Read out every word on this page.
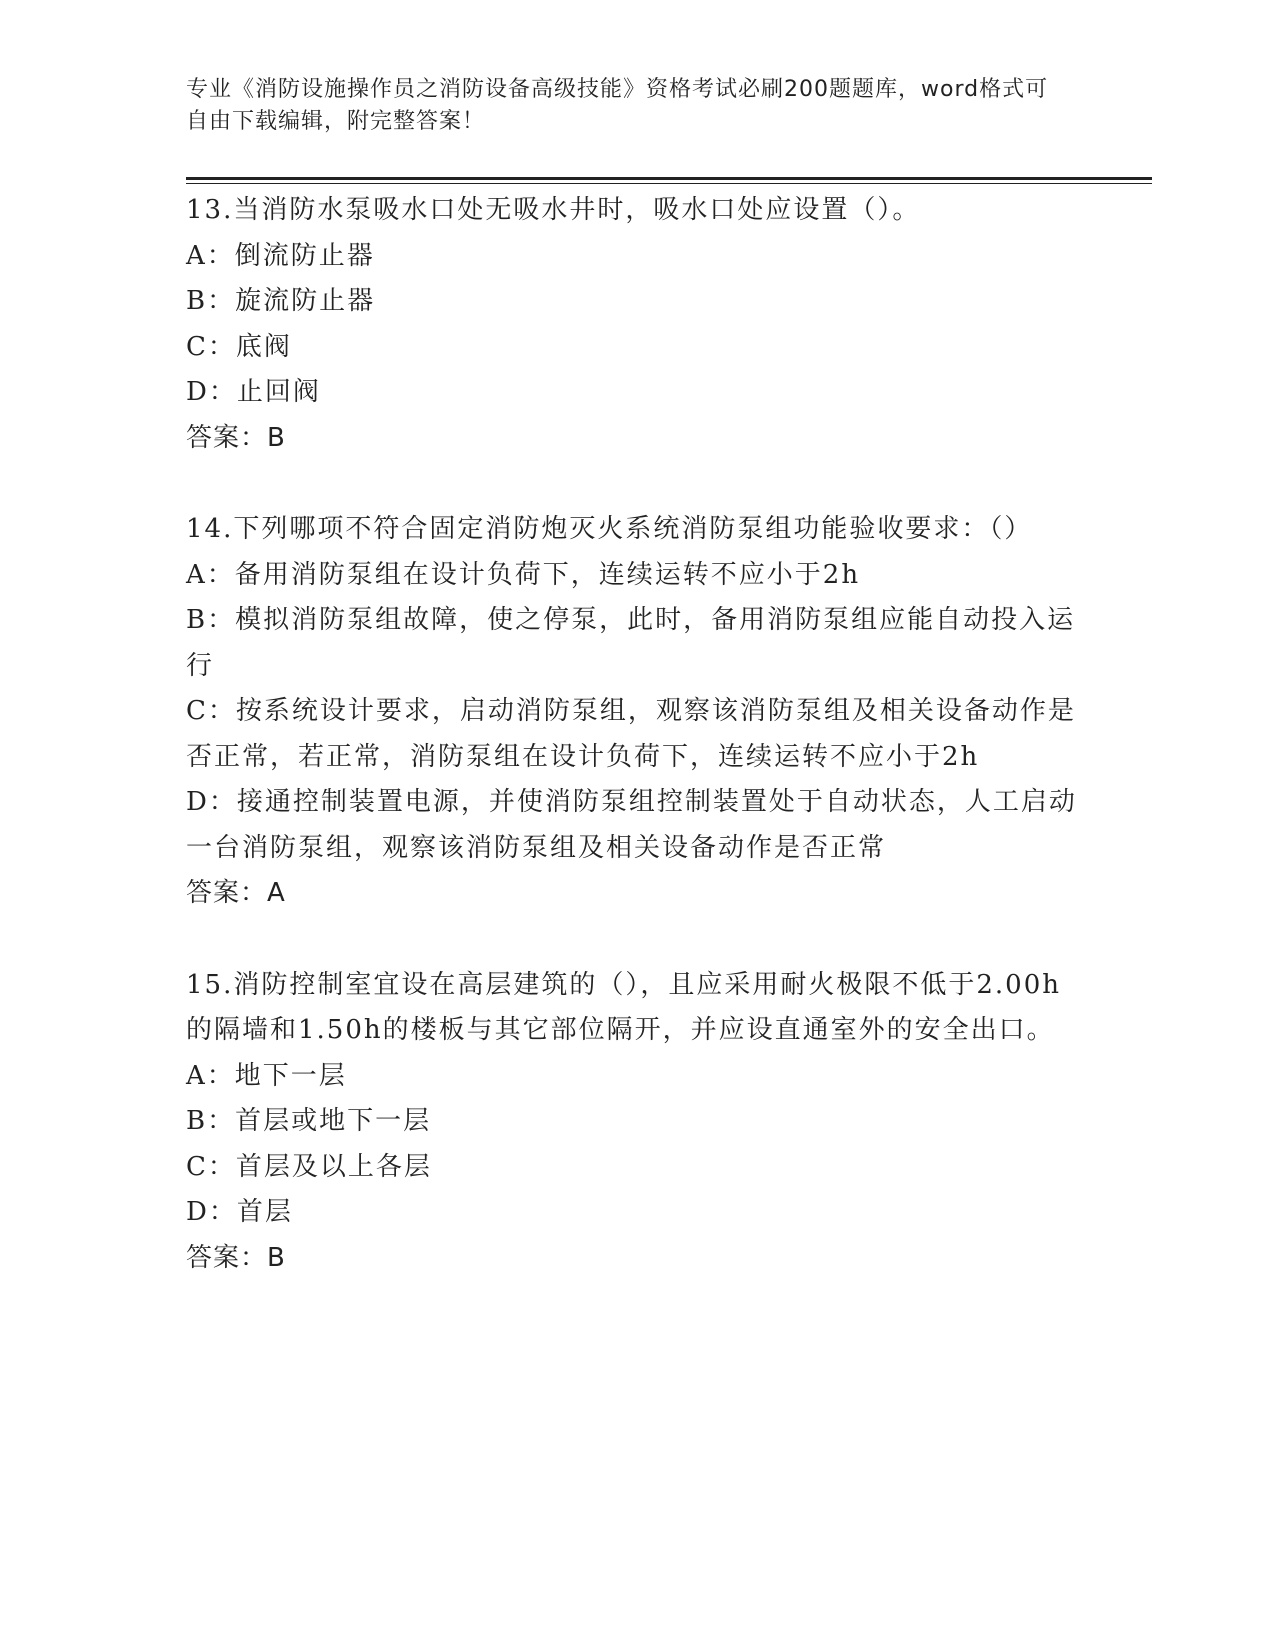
专业《消防设施操作员之消防设备高级技能》资格考试必刷200题题库，word格式可自由下载编辑，附完整答案！

13.当消防水泵吸水口处无吸水井时，吸水口处应设置（）。

A：倒流防止器

B：旋流防止器

C：底阀

D：止回阀

答案：B

14.下列哪项不符合固定消防炮灭火系统消防泵组功能验收要求：（）

A：备用消防泵组在设计负荷下，连续运转不应小于2h

B：模拟消防泵组故障，使之停泵，此时，备用消防泵组应能自动投入运行

C：按系统设计要求，启动消防泵组，观察该消防泵组及相关设备动作是否正常，若正常，消防泵组在设计负荷下，连续运转不应小于2h

D：接通控制装置电源，并使消防泵组控制装置处于自动状态，人工启动一台消防泵组，观察该消防泵组及相关设备动作是否正常

答案：A

15.消防控制室宜设在高层建筑的（），且应采用耐火极限不低于2.00h的隔墙和1.50h的楼板与其它部位隔开，并应设直通室外的安全出口。

A：地下一层

B：首层或地下一层

C：首层及以上各层

D：首层

答案：B
